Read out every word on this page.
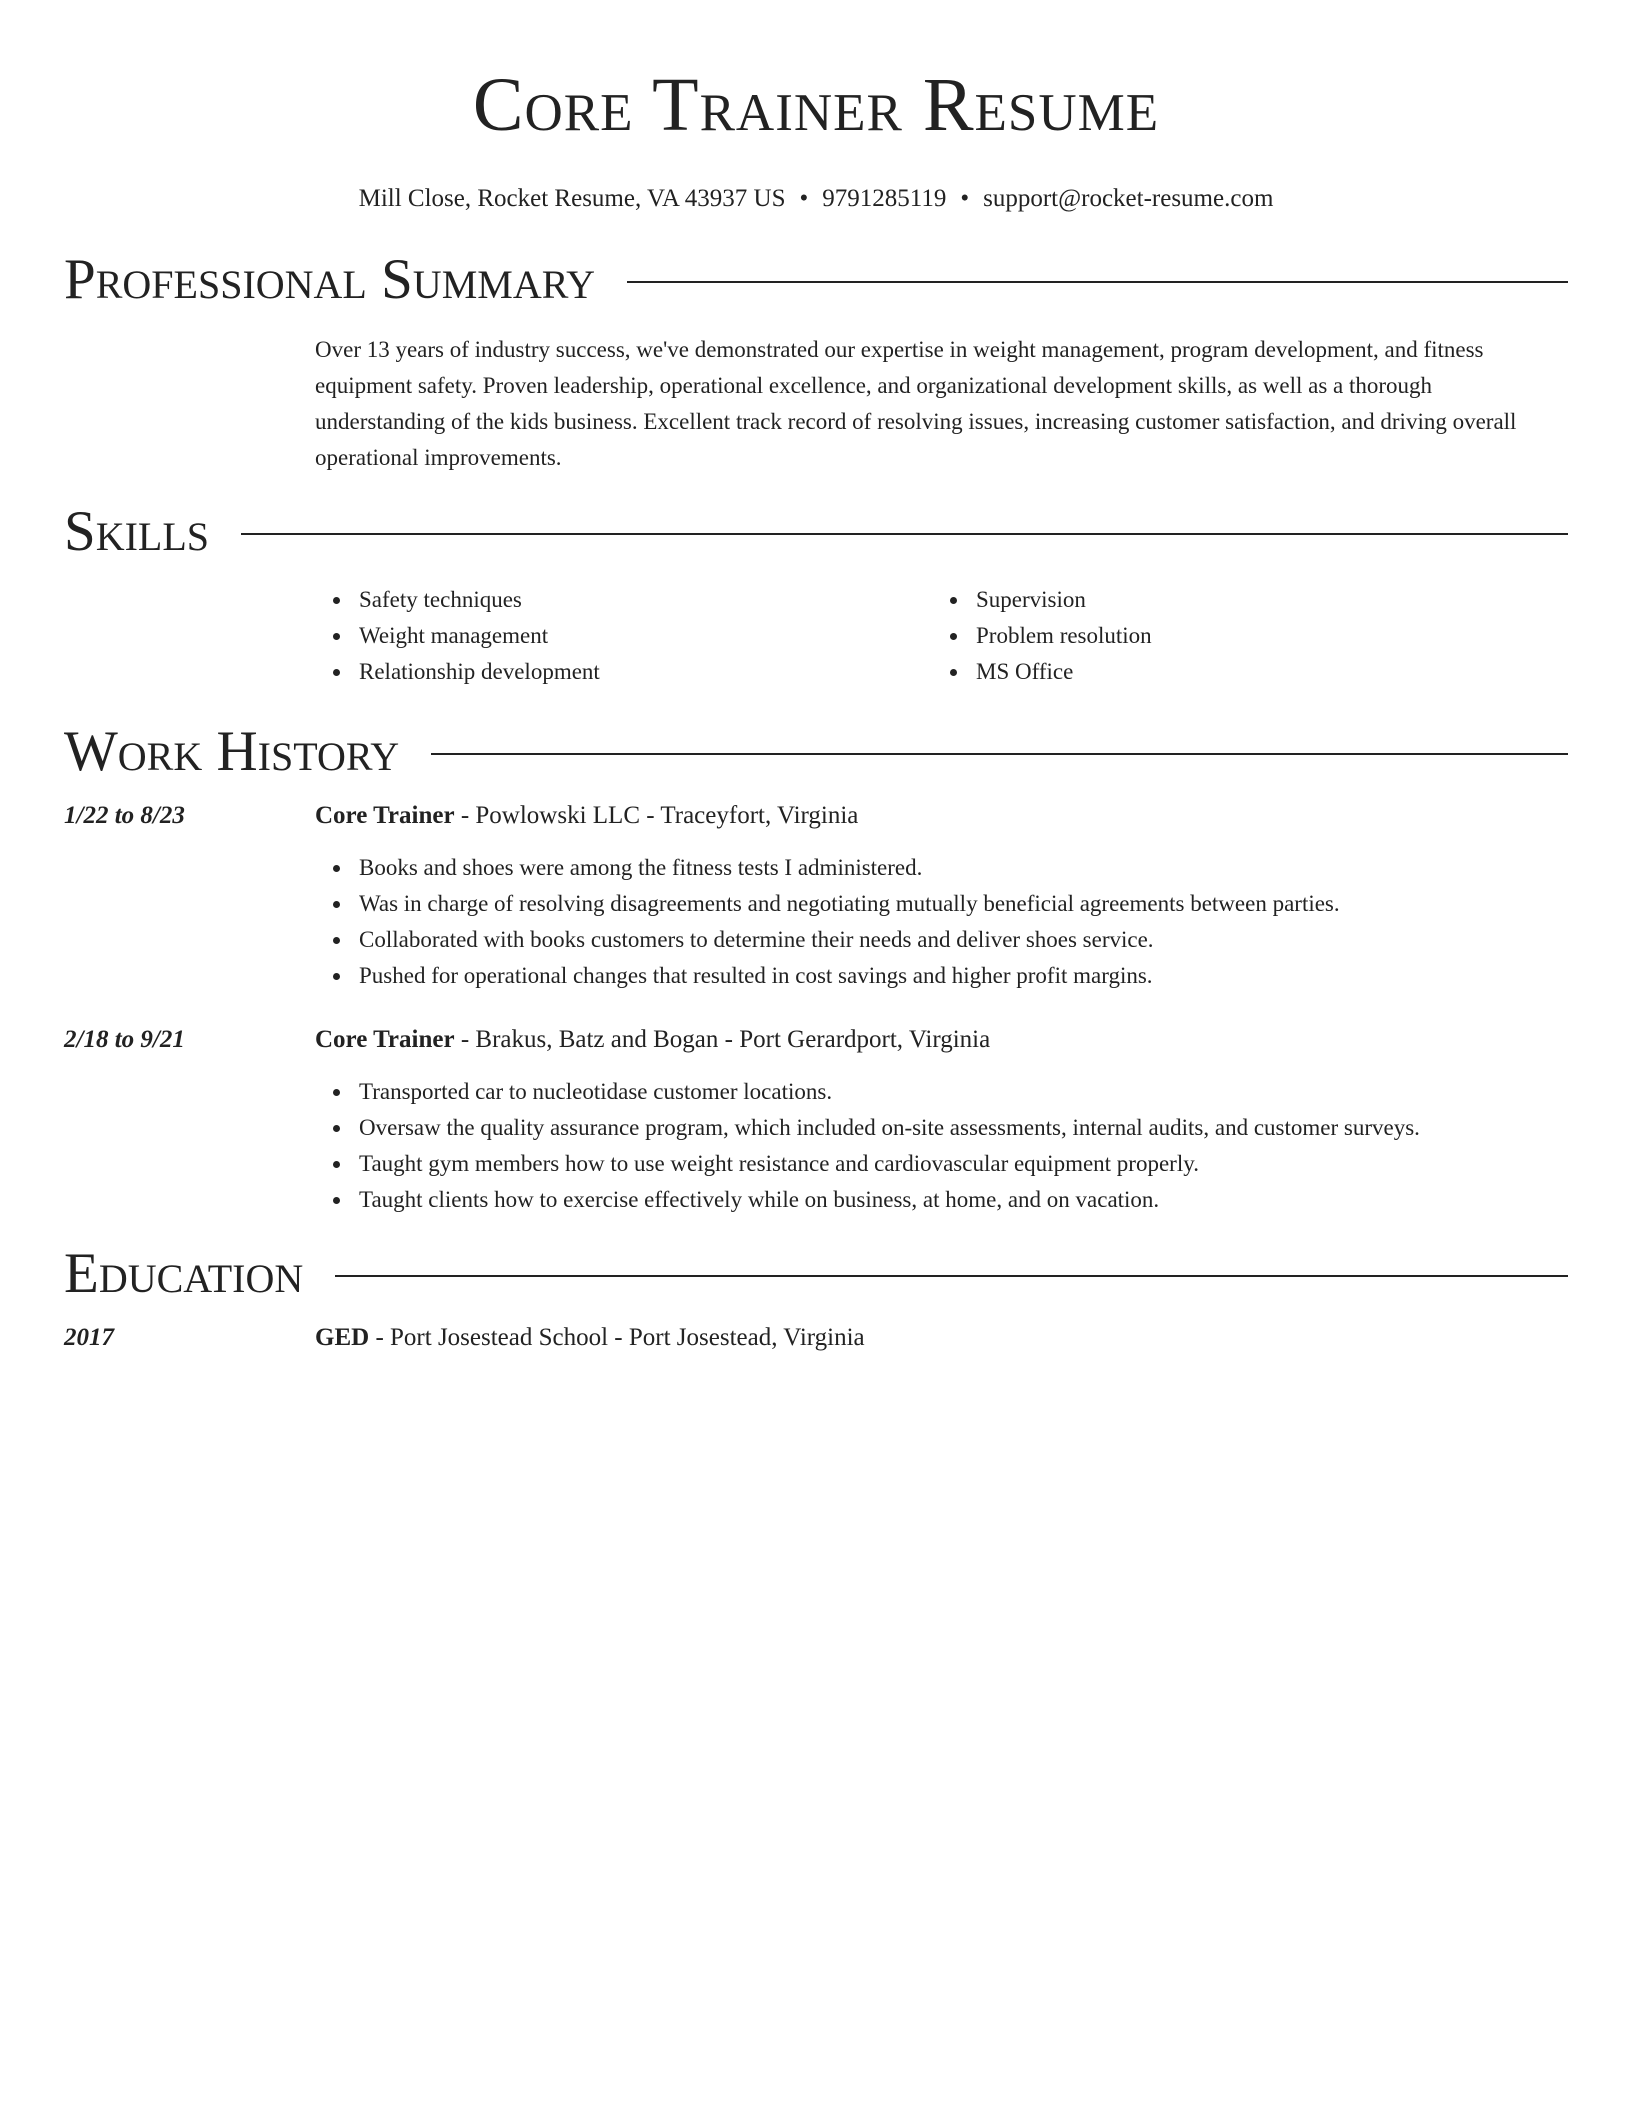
Core Trainer Resume
Mill Close, Rocket Resume, VA 43937 US • 9791285119 • support@rocket-resume.com
Professional Summary
Over 13 years of industry success, we've demonstrated our expertise in weight management, program development, and fitness equipment safety. Proven leadership, operational excellence, and organizational development skills, as well as a thorough understanding of the kids business. Excellent track record of resolving issues, increasing customer satisfaction, and driving overall operational improvements.
Skills
Safety techniques
Weight management
Relationship development
Supervision
Problem resolution
MS Office
Work History
1/22 to 8/23	Core Trainer - Powlowski LLC - Traceyfort, Virginia
Books and shoes were among the fitness tests I administered.
Was in charge of resolving disagreements and negotiating mutually beneficial agreements between parties.
Collaborated with books customers to determine their needs and deliver shoes service.
Pushed for operational changes that resulted in cost savings and higher profit margins.
2/18 to 9/21	Core Trainer - Brakus, Batz and Bogan - Port Gerardport, Virginia
Transported car to nucleotidase customer locations.
Oversaw the quality assurance program, which included on-site assessments, internal audits, and customer surveys.
Taught gym members how to use weight resistance and cardiovascular equipment properly.
Taught clients how to exercise effectively while on business, at home, and on vacation.
Education
2017	GED - Port Josestead School - Port Josestead, Virginia
